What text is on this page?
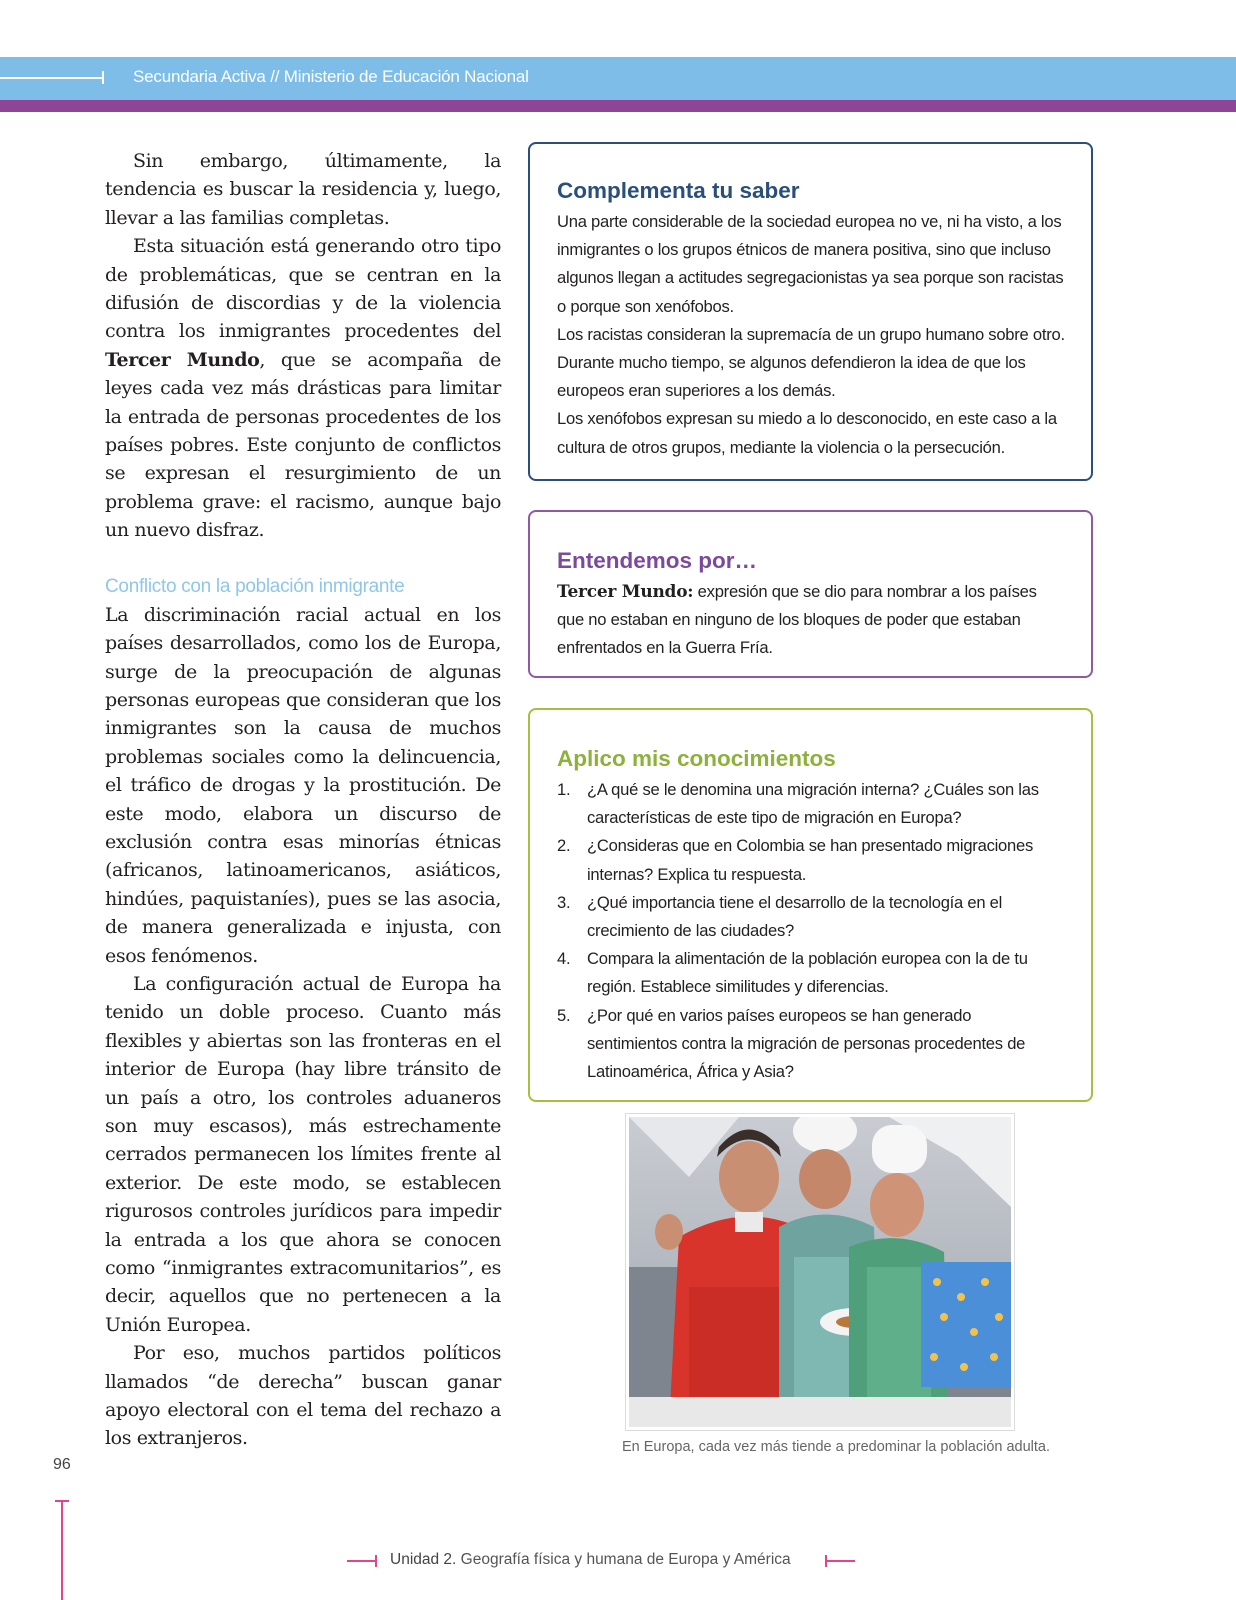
Secundaria Activa // Ministerio de Educación Nacional

Sin embargo, últimamente, la tendencia es buscar la residencia y, luego, llevar a las familias completas.

Esta situación está generando otro tipo de problemáticas, que se centran en la difusión de discordias y de la violencia contra los inmigrantes procedentes del Tercer Mundo, que se acompaña de leyes cada vez más drásticas para limitar la entrada de personas procedentes de los países pobres. Este conjunto de conflictos se expresan el resurgimiento de un problema grave: el racismo, aunque bajo un nuevo disfraz.

Conflicto con la población inmigrante

La discriminación racial actual en los países desarrollados, como los de Europa, surge de la preocupación de algunas personas europeas que consideran que los inmigrantes son la causa de muchos problemas sociales como la delincuencia, el tráfico de drogas y la prostitución. De este modo, elabora un discurso de exclusión contra esas minorías étnicas (africanos, latinoamericanos, asiáticos, hindúes, paquistaníes), pues se las asocia, de manera generalizada e injusta, con esos fenómenos.

La configuración actual de Europa ha tenido un doble proceso. Cuanto más flexibles y abiertas son las fronteras en el interior de Europa (hay libre tránsito de un país a otro, los controles aduaneros son muy escasos), más estrechamente cerrados permanecen los límites frente al exterior. De este modo, se establecen rigurosos controles jurídicos para impedir la entrada a los que ahora se conocen como “inmigrantes extracomunitarios”, es decir, aquellos que no pertenecen a la Unión Europea.

Por eso, muchos partidos políticos llamados “de derecha” buscan ganar apoyo electoral con el tema del rechazo a los extranjeros.

Complementa tu saber

Una parte considerable de la sociedad europea no ve, ni ha visto, a los inmigrantes o los grupos étnicos de manera positiva, sino que incluso algunos llegan a actitudes segregacionistas ya sea porque son racistas o porque son xenófobos.

Los racistas consideran la supremacía de un grupo humano sobre otro. Durante mucho tiempo, se algunos defendieron la idea de que los europeos eran superiores a los demás.

Los xenófobos expresan su miedo a lo desconocido, en este caso a la cultura de otros grupos, mediante la violencia o la persecución.

Entendemos por…

Tercer Mundo: expresión que se dio para nombrar a los países que no estaban en ninguno de los bloques de poder que estaban enfrentados en la Guerra Fría.

Aplico mis conocimientos
1. ¿A qué se le denomina una migración interna? ¿Cuáles son las características de este tipo de migración en Europa?
2. ¿Consideras que en Colombia se han presentado migraciones internas? Explica tu respuesta.
3. ¿Qué importancia tiene el desarrollo de la tecnología en el crecimiento de las ciudades?
4. Compara la alimentación de la población europea con la de tu región. Establece similitudes y diferencias.
5. ¿Por qué en varios países europeos se han generado sentimientos contra la migración de personas procedentes de Latinoamérica, África y Asia?
En Europa, cada vez más tiende a predominar la población adulta.
96
Unidad 2. Geografía física y humana de Europa y América
